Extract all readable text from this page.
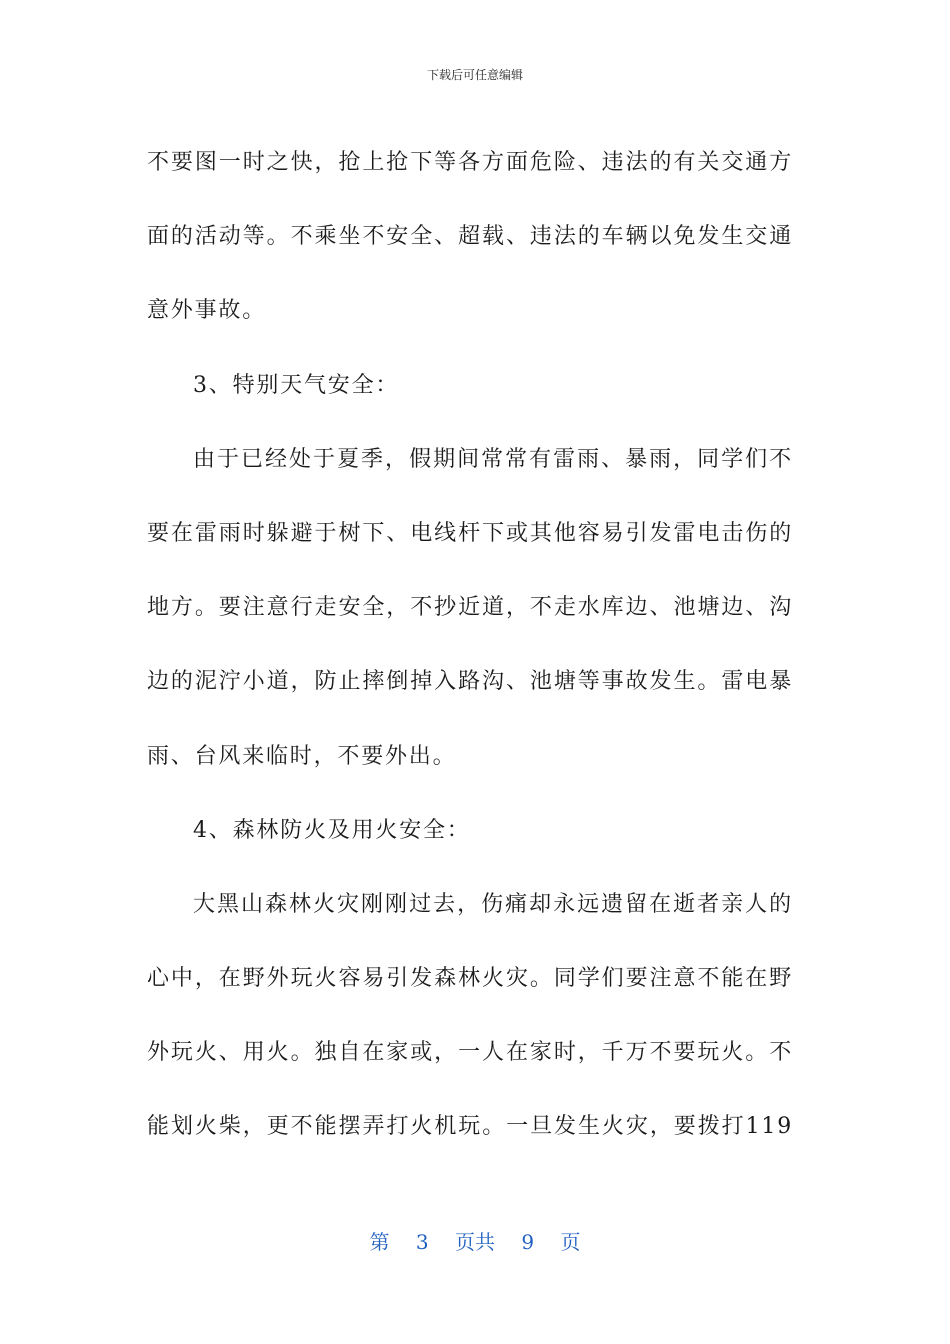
下载后可任意编辑
不要图一时之快，抢上抢下等各方面危险、违法的有关交通方
面的活动等。不乘坐不安全、超载、违法的车辆以免发生交通
意外事故。
3、特别天气安全：
由于已经处于夏季，假期间常常有雷雨、暴雨，同学们不
要在雷雨时躲避于树下、电线杆下或其他容易引发雷电击伤的
地方。要注意行走安全，不抄近道，不走水库边、池塘边、沟
边的泥泞小道，防止摔倒掉入路沟、池塘等事故发生。雷电暴
雨、台风来临时，不要外出。
4、森林防火及用火安全：
大黑山森林火灾刚刚过去，伤痛却永远遗留在逝者亲人的
心中，在野外玩火容易引发森林火灾。同学们要注意不能在野
外玩火、用火。独自在家或，一人在家时，千万不要玩火。不
能划火柴，更不能摆弄打火机玩。一旦发生火灾，要拨打119
第 3 页共 9 页
